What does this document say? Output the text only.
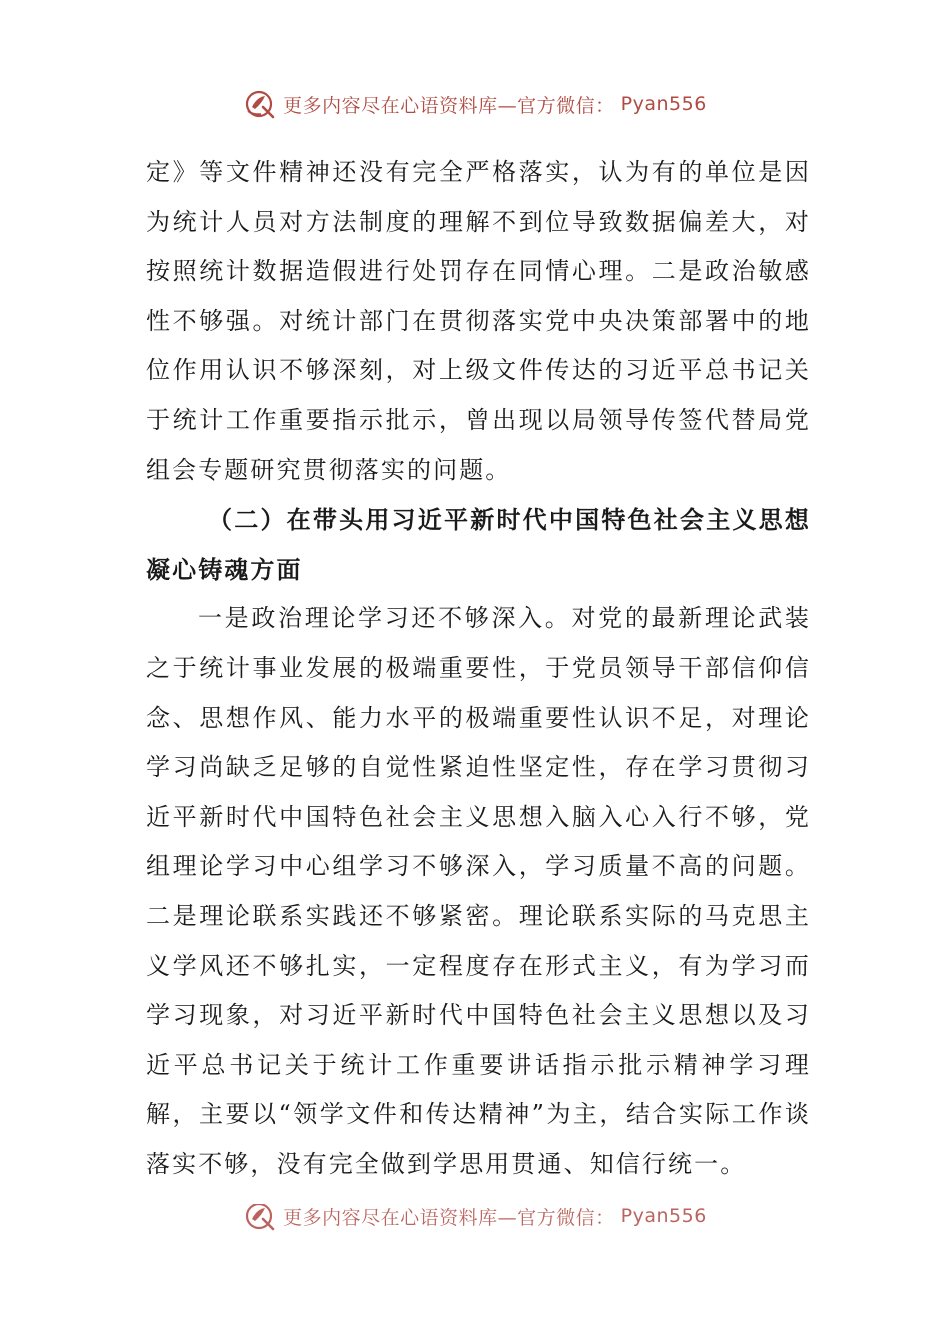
更多内容尽在心语资料库—官方微信： Pyan556

定》等文件精神还没有完全严格落实，认为有的单位是因为统计人员对方法制度的理解不到位导致数据偏差大，对按照统计数据造假进行处罚存在同情心理。二是政治敏感性不够强。对统计部门在贯彻落实党中央决策部署中的地位作用认识不够深刻，对上级文件传达的习近平总书记关于统计工作重要指示批示，曾出现以局领导传签代替局党组会专题研究贯彻落实的问题。

（二）在带头用习近平新时代中国特色社会主义思想凝心铸魂方面

一是政治理论学习还不够深入。对党的最新理论武装之于统计事业发展的极端重要性，于党员领导干部信仰信念、思想作风、能力水平的极端重要性认识不足，对理论学习尚缺乏足够的自觉性紧迫性坚定性，存在学习贯彻习近平新时代中国特色社会主义思想入脑入心入行不够，党组理论学习中心组学习不够深入，学习质量不高的问题。二是理论联系实践还不够紧密。理论联系实际的马克思主义学风还不够扎实，一定程度存在形式主义，有为学习而学习现象，对习近平新时代中国特色社会主义思想以及习近平总书记关于统计工作重要讲话指示批示精神学习理解，主要以“领学文件和传达精神”为主，结合实际工作谈落实不够，没有完全做到学思用贯通、知信行统一。

更多内容尽在心语资料库—官方微信： Pyan556
